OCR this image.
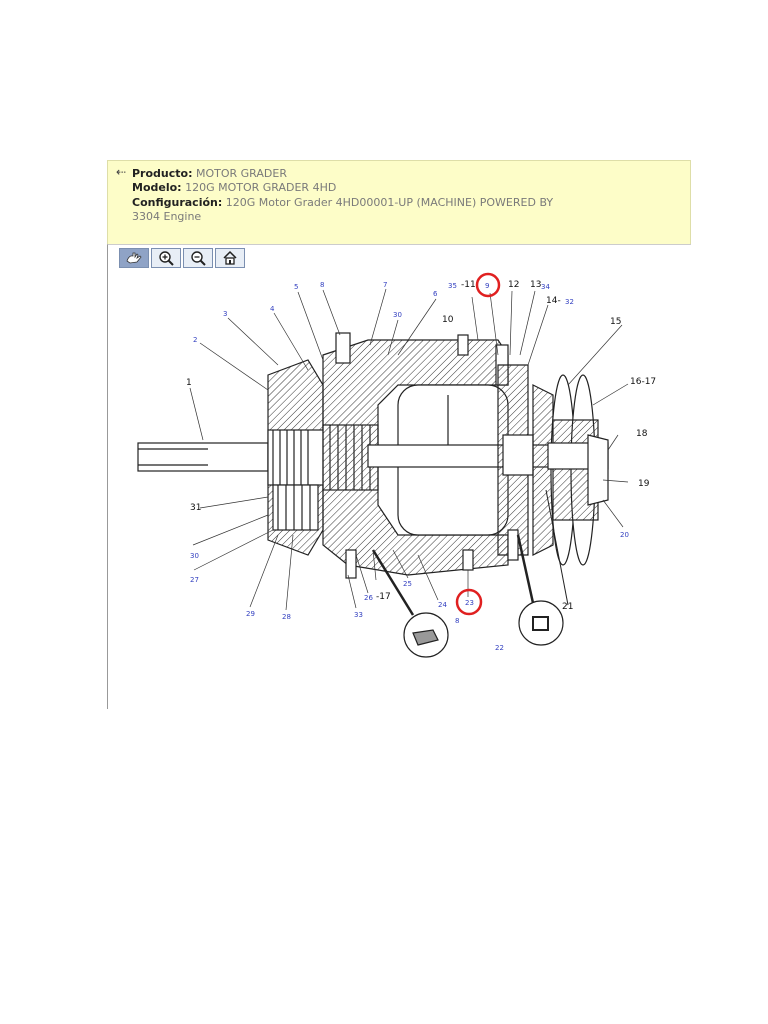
⇠ Producto: MOTOR GRADER
Modelo: 120G MOTOR GRADER 4HD
Configuración: 120G Motor Grader 4HD00001-UP (MACHINE) POWERED BY
3304 Engine
1
2
3
4
5	8	7
30
6
35	9
-11	12 13 34
14- 32
15
16-17
18
19
20
21
22
23
24
25
26 -17
33
29	28
27
30
31
10
8
